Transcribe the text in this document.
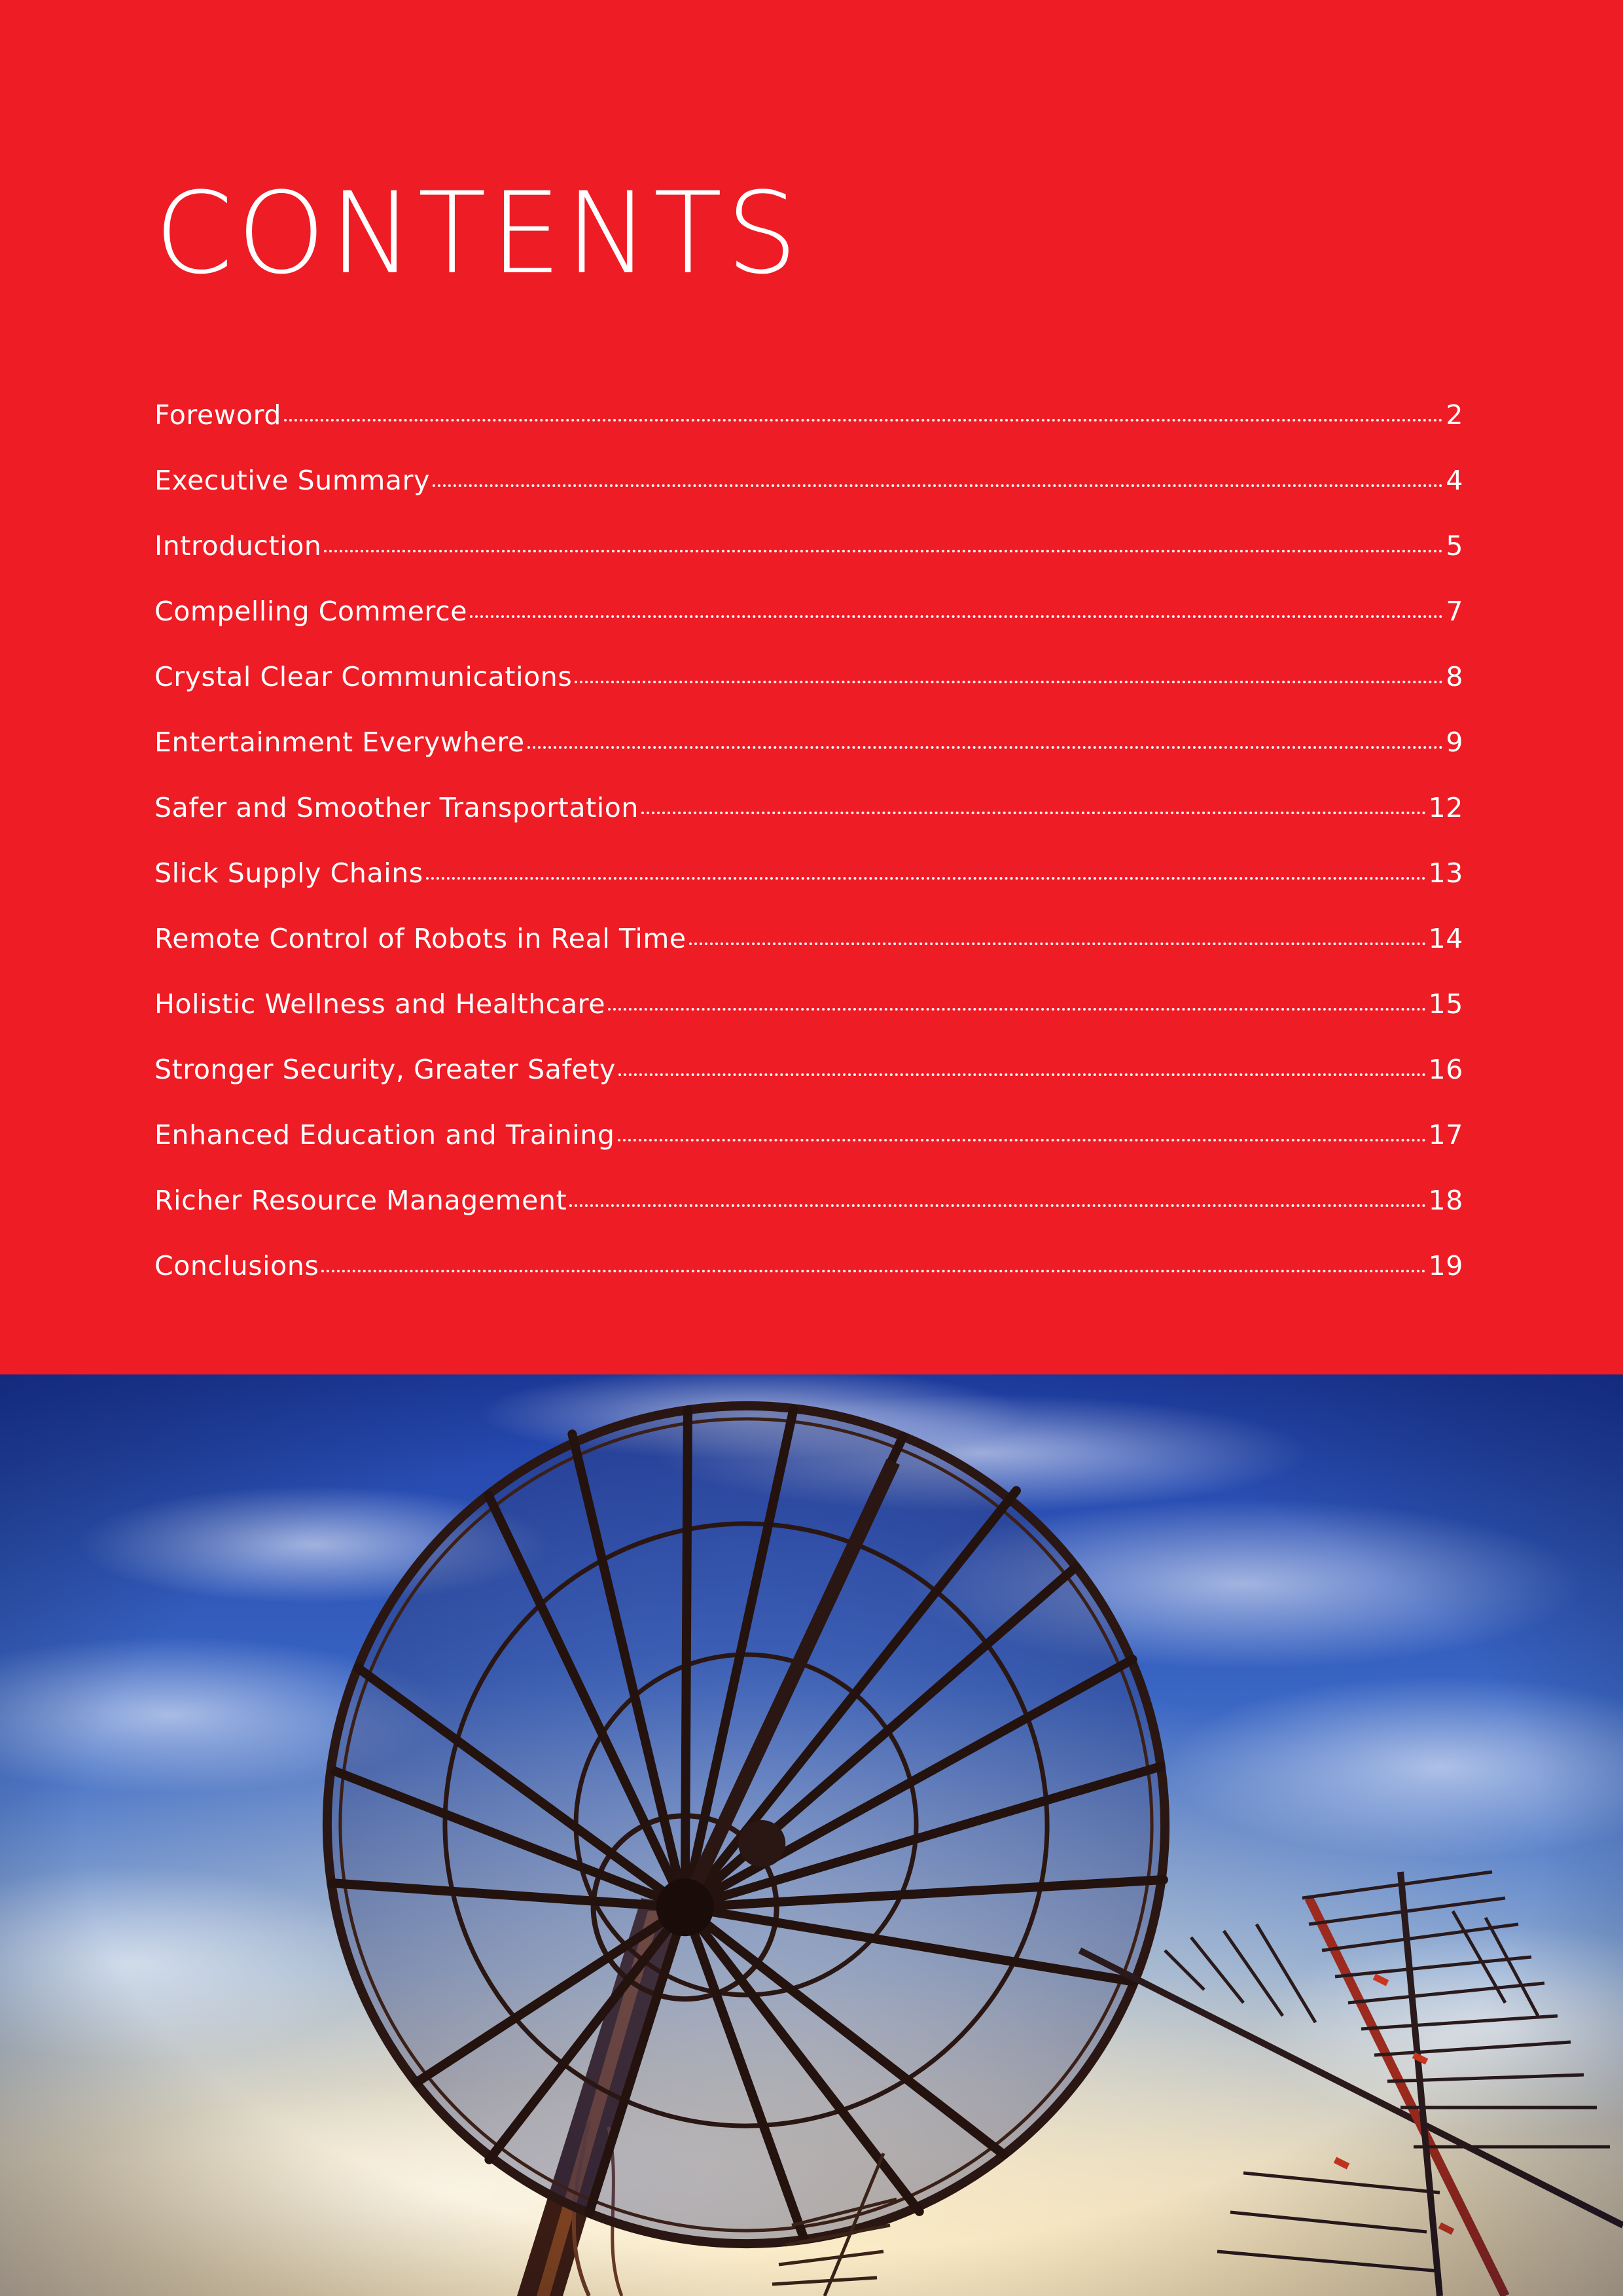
CONTENTS
Foreword	2
Executive Summary	4
Introduction	5
Compelling Commerce	7
Crystal Clear Communications	8
Entertainment Everywhere	9
Safer and Smoother Transportation	12
Slick Supply Chains	13
Remote Control of Robots in Real Time	14
Holistic Wellness and Healthcare	15
Stronger Security, Greater Safety	16
Enhanced Education and Training	17
Richer Resource Management	18
Conclusions	19
